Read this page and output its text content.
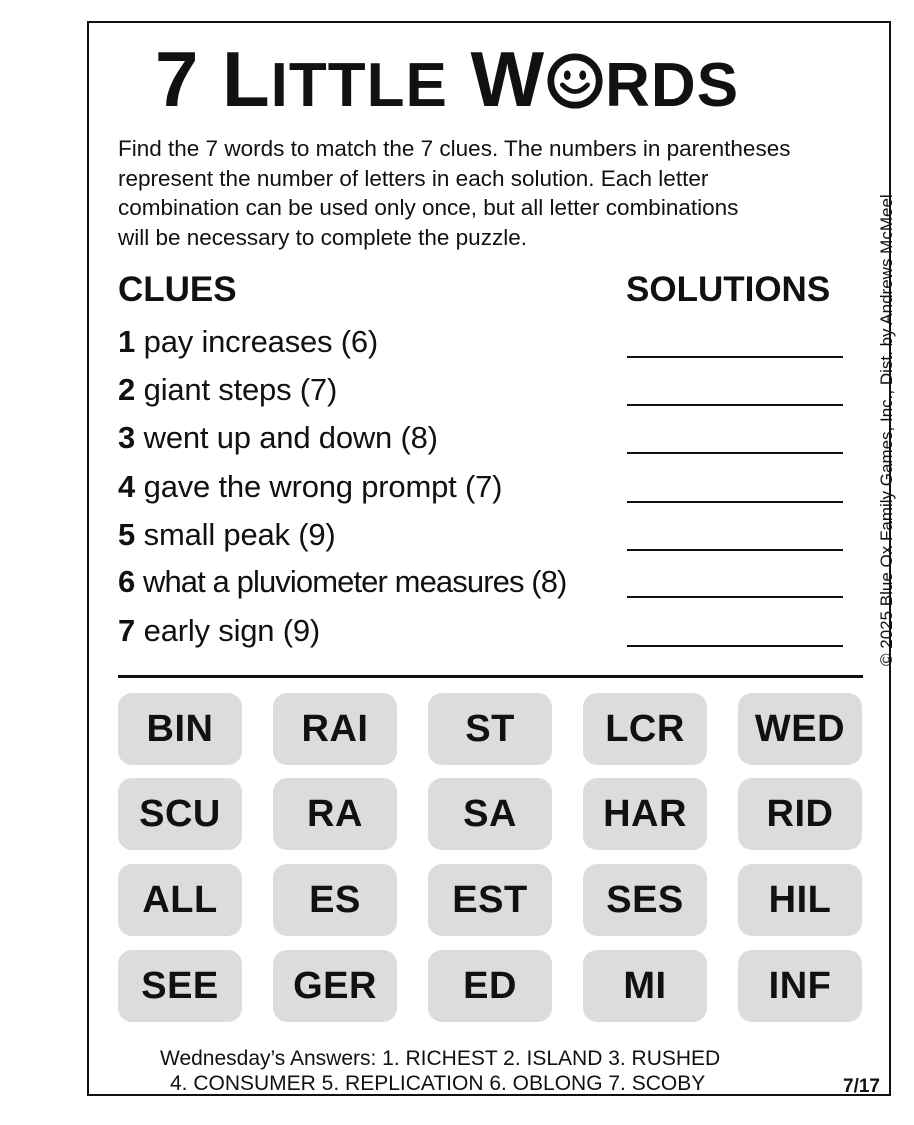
7 LITTLE W RDS
Find the 7 words to match the 7 clues. The numbers in parentheses
represent the number of letters in each solution. Each letter
combination can be used only once, but all letter combinations
will be necessary to complete the puzzle.
CLUES	SOLUTIONS
1 pay increases (6)
2 giant steps (7)
3 went up and down (8)
4 gave the wrong prompt (7)
5 small peak (9)
6 what a pluviometer measures (8)
7 early sign (9)
BIN	RAI	ST	LCR	WED
SCU	RA	SA	HAR	RID
ALL	ES	EST	SES	HIL
SEE	GER	ED	MI	INF
© 2025 Blue Ox Family Games, Inc., Dist. by Andrews McMeel
Wednesday’s Answers: 1. RICHEST 2. ISLAND 3. RUSHED
4. CONSUMER 5. REPLICATION 6. OBLONG 7. SCOBY	7/17
